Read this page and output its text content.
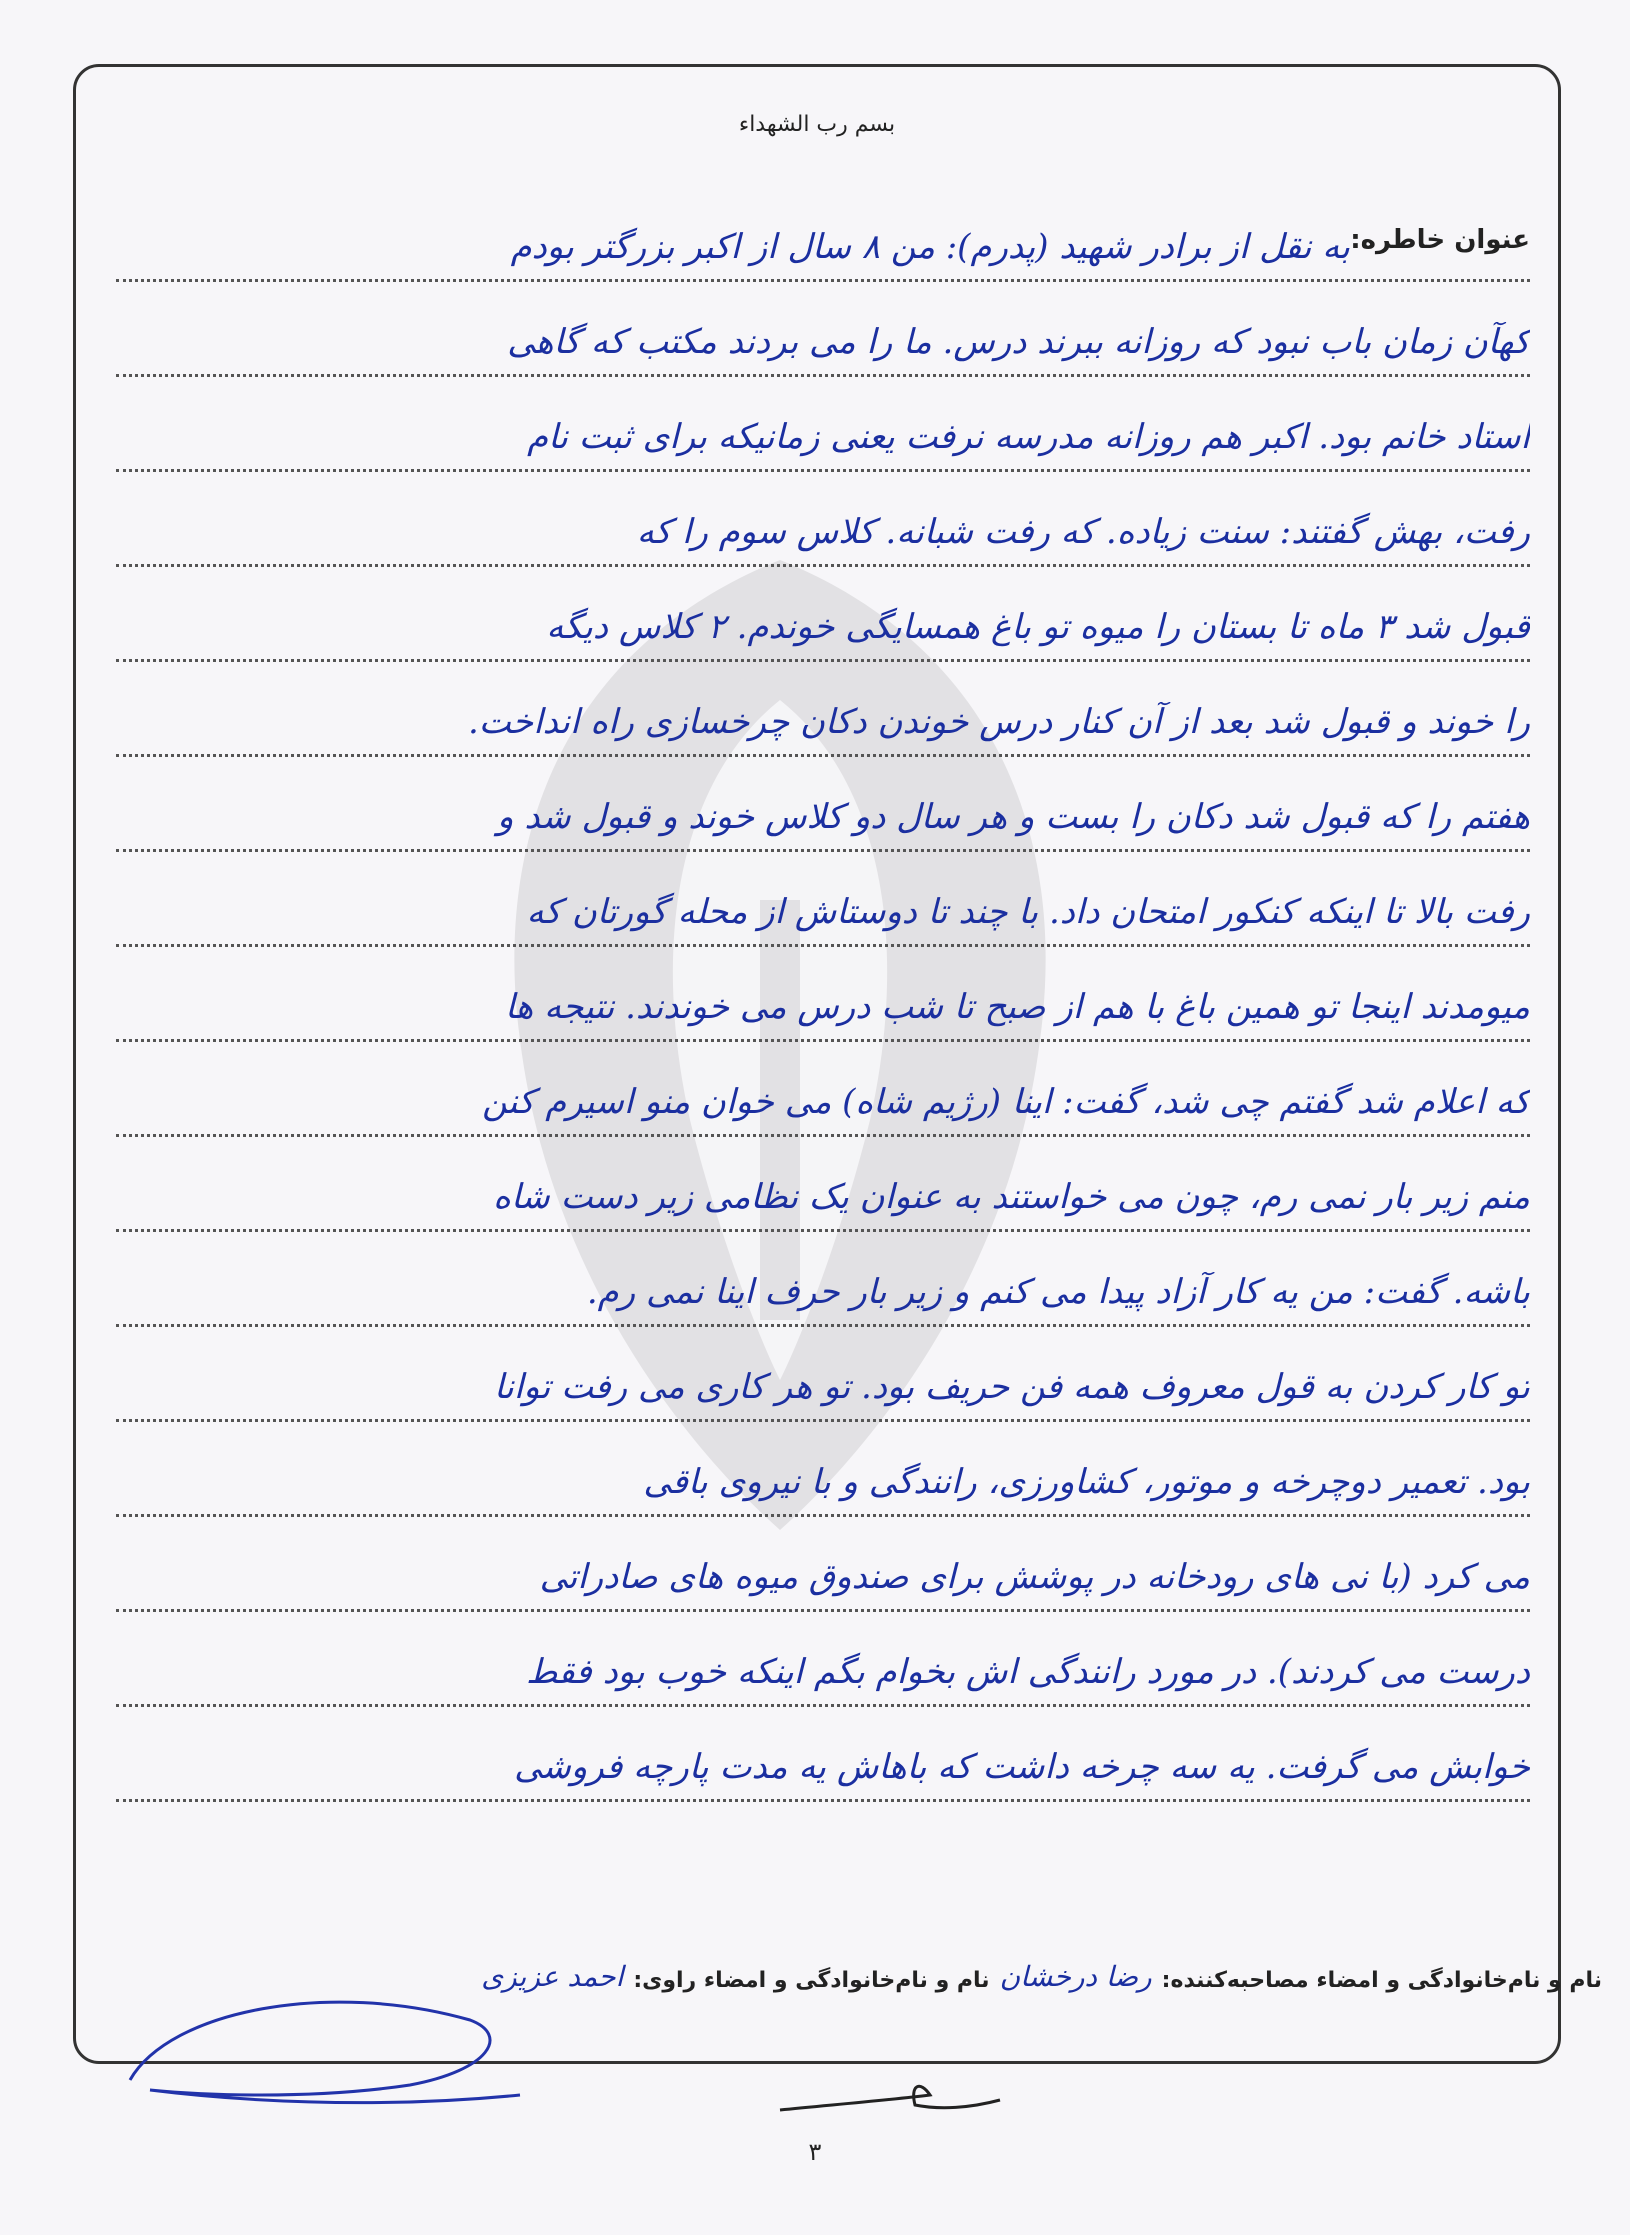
بسم رب الشهداء
عنوان خاطره:
به نقل از برادر شهید (پدرم): من ۸ سال از اکبر بزرگتر بودم
کهآن زمان باب نبود که روزانه ببرند درس. ما را می بردند مکتب که گاهی
استاد خانم بود. اکبر هم روزانه مدرسه نرفت یعنی زمانیکه برای ثبت نام
رفت، بهش گفتند: سنت زیاده. که رفت شبانه. کلاس سوم را که
قبول شد ۳ ماه تا بستان را میوه تو باغ همسایگی خوندم. ۲ کلاس دیگه
را خوند و قبول شد بعد از آن کنار درس خوندن دکان چرخسازی راه انداخت.
هفتم را که قبول شد دکان را بست و هر سال دو کلاس خوند و قبول شد و
رفت بالا تا اینکه کنکور امتحان داد. با چند تا دوستاش از محله گورتان که
میومدند اینجا تو همین باغ با هم از صبح تا شب درس می خوندند. نتیجه ها
که اعلام شد گفتم چی شد، گفت: اینا (رژیم شاه) می خوان منو اسیرم کنن
منم زیر بار نمی رم، چون می خواستند به عنوان یک نظامی زیر دست شاه
باشه. گفت: من یه کار آزاد پیدا می کنم و زیر بار حرف اینا نمی رم.
تو کار کردن به قول معروف همه فن حریف بود. تو هر کاری می رفت توانا
بود. تعمیر دوچرخه و موتور، کشاورزی، رانندگی و با نیروی باقی
می کرد (با نی های رودخانه در پوشش برای صندوق میوه های صادراتی
درست می کردند). در مورد رانندگی اش بخوام بگم اینکه خوب بود فقط
خوابش می گرفت. یه سه چرخه داشت که باهاش یه مدت پارچه فروشی
نام و نام‌خانوادگی و امضاء مصاحبه‌کننده:
رضا درخشان
نام و نام‌خانوادگی و امضاء راوی:
احمد عزیزی
۳
